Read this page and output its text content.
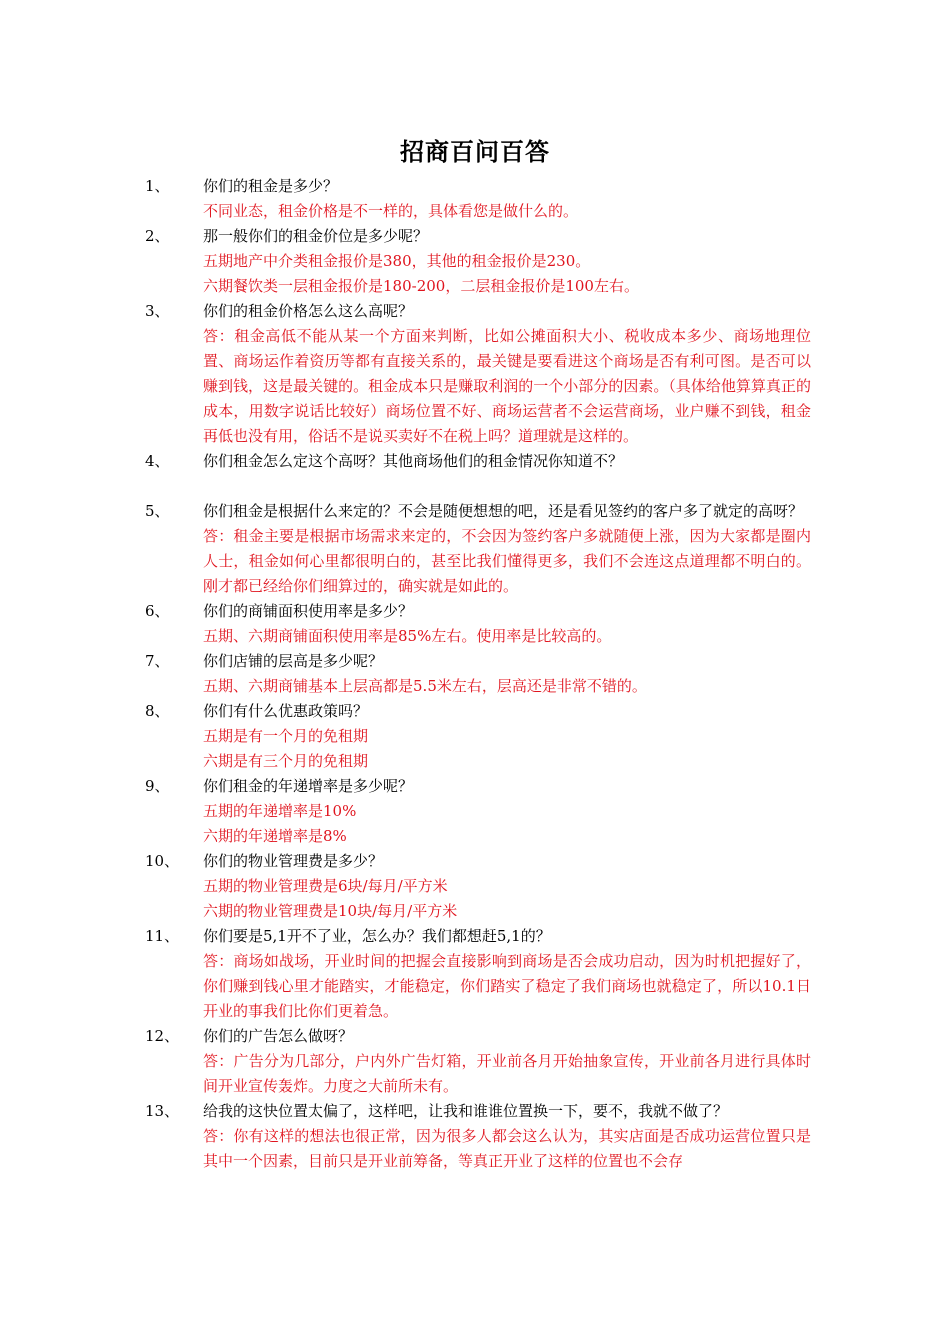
招商百问百答
1、 你们的租金是多少？

不同业态，租金价格是不一样的，具体看您是做什么的。

2、 那一般你们的租金价位是多少呢？

五期地产中介类租金报价是380，其他的租金报价是230。

六期餐饮类一层租金报价是180-200，二层租金报价是100左右。

3、 你们的租金价格怎么这么高呢？

答：租金高低不能从某一个方面来判断，比如公摊面积大小、税收成本多少、商场地理位置、商场运作着资历等都有直接关系的，最关键是要看进这个商场是否有利可图。是否可以赚到钱，这是最关键的。租金成本只是赚取利润的一个小部分的因素。（具体给他算算真正的成本，用数字说话比较好）商场位置不好、商场运营者不会运营商场，业户赚不到钱，租金再低也没有用，俗话不是说买卖好不在税上吗？道理就是这样的。

4、 你们租金怎么定这个高呀？其他商场他们的租金情况你知道不？

5、 你们租金是根据什么来定的？不会是随便想想的吧，还是看见签约的客户多了就定的高呀？

答：租金主要是根据市场需求来定的，不会因为签约客户多就随便上涨，因为大家都是圈内人士，租金如何心里都很明白的，甚至比我们懂得更多，我们不会连这点道理都不明白的。刚才都已经给你们细算过的，确实就是如此的。

6、 你们的商铺面积使用率是多少？

五期、六期商铺面积使用率是85%左右。使用率是比较高的。

7、 你们店铺的层高是多少呢？

五期、六期商铺基本上层高都是5.5米左右，层高还是非常不错的。

8、 你们有什么优惠政策吗？

五期是有一个月的免租期

六期是有三个月的免租期

9、 你们租金的年递增率是多少呢？

五期的年递增率是10%

六期的年递增率是8%

10、 你们的物业管理费是多少？

五期的物业管理费是6块/每月/平方米

六期的物业管理费是10块/每月/平方米

11、 你们要是5,1开不了业，怎么办？我们都想赶5,1的？

答：商场如战场，开业时间的把握会直接影响到商场是否会成功启动，因为时机把握好了，你们赚到钱心里才能踏实，才能稳定，你们踏实了稳定了我们商场也就稳定了，所以10.1日开业的事我们比你们更着急。

12、 你们的广告怎么做呀？

答：广告分为几部分，户内外广告灯箱，开业前各月开始抽象宣传，开业前各月进行具体时间开业宣传轰炸。力度之大前所未有。

13、 给我的这快位置太偏了，这样吧，让我和谁谁位置换一下，要不，我就不做了？

答：你有这样的想法也很正常，因为很多人都会这么认为，其实店面是否成功运营位置只是其中一个因素，目前只是开业前筹备，等真正开业了这样的位置也不会存
